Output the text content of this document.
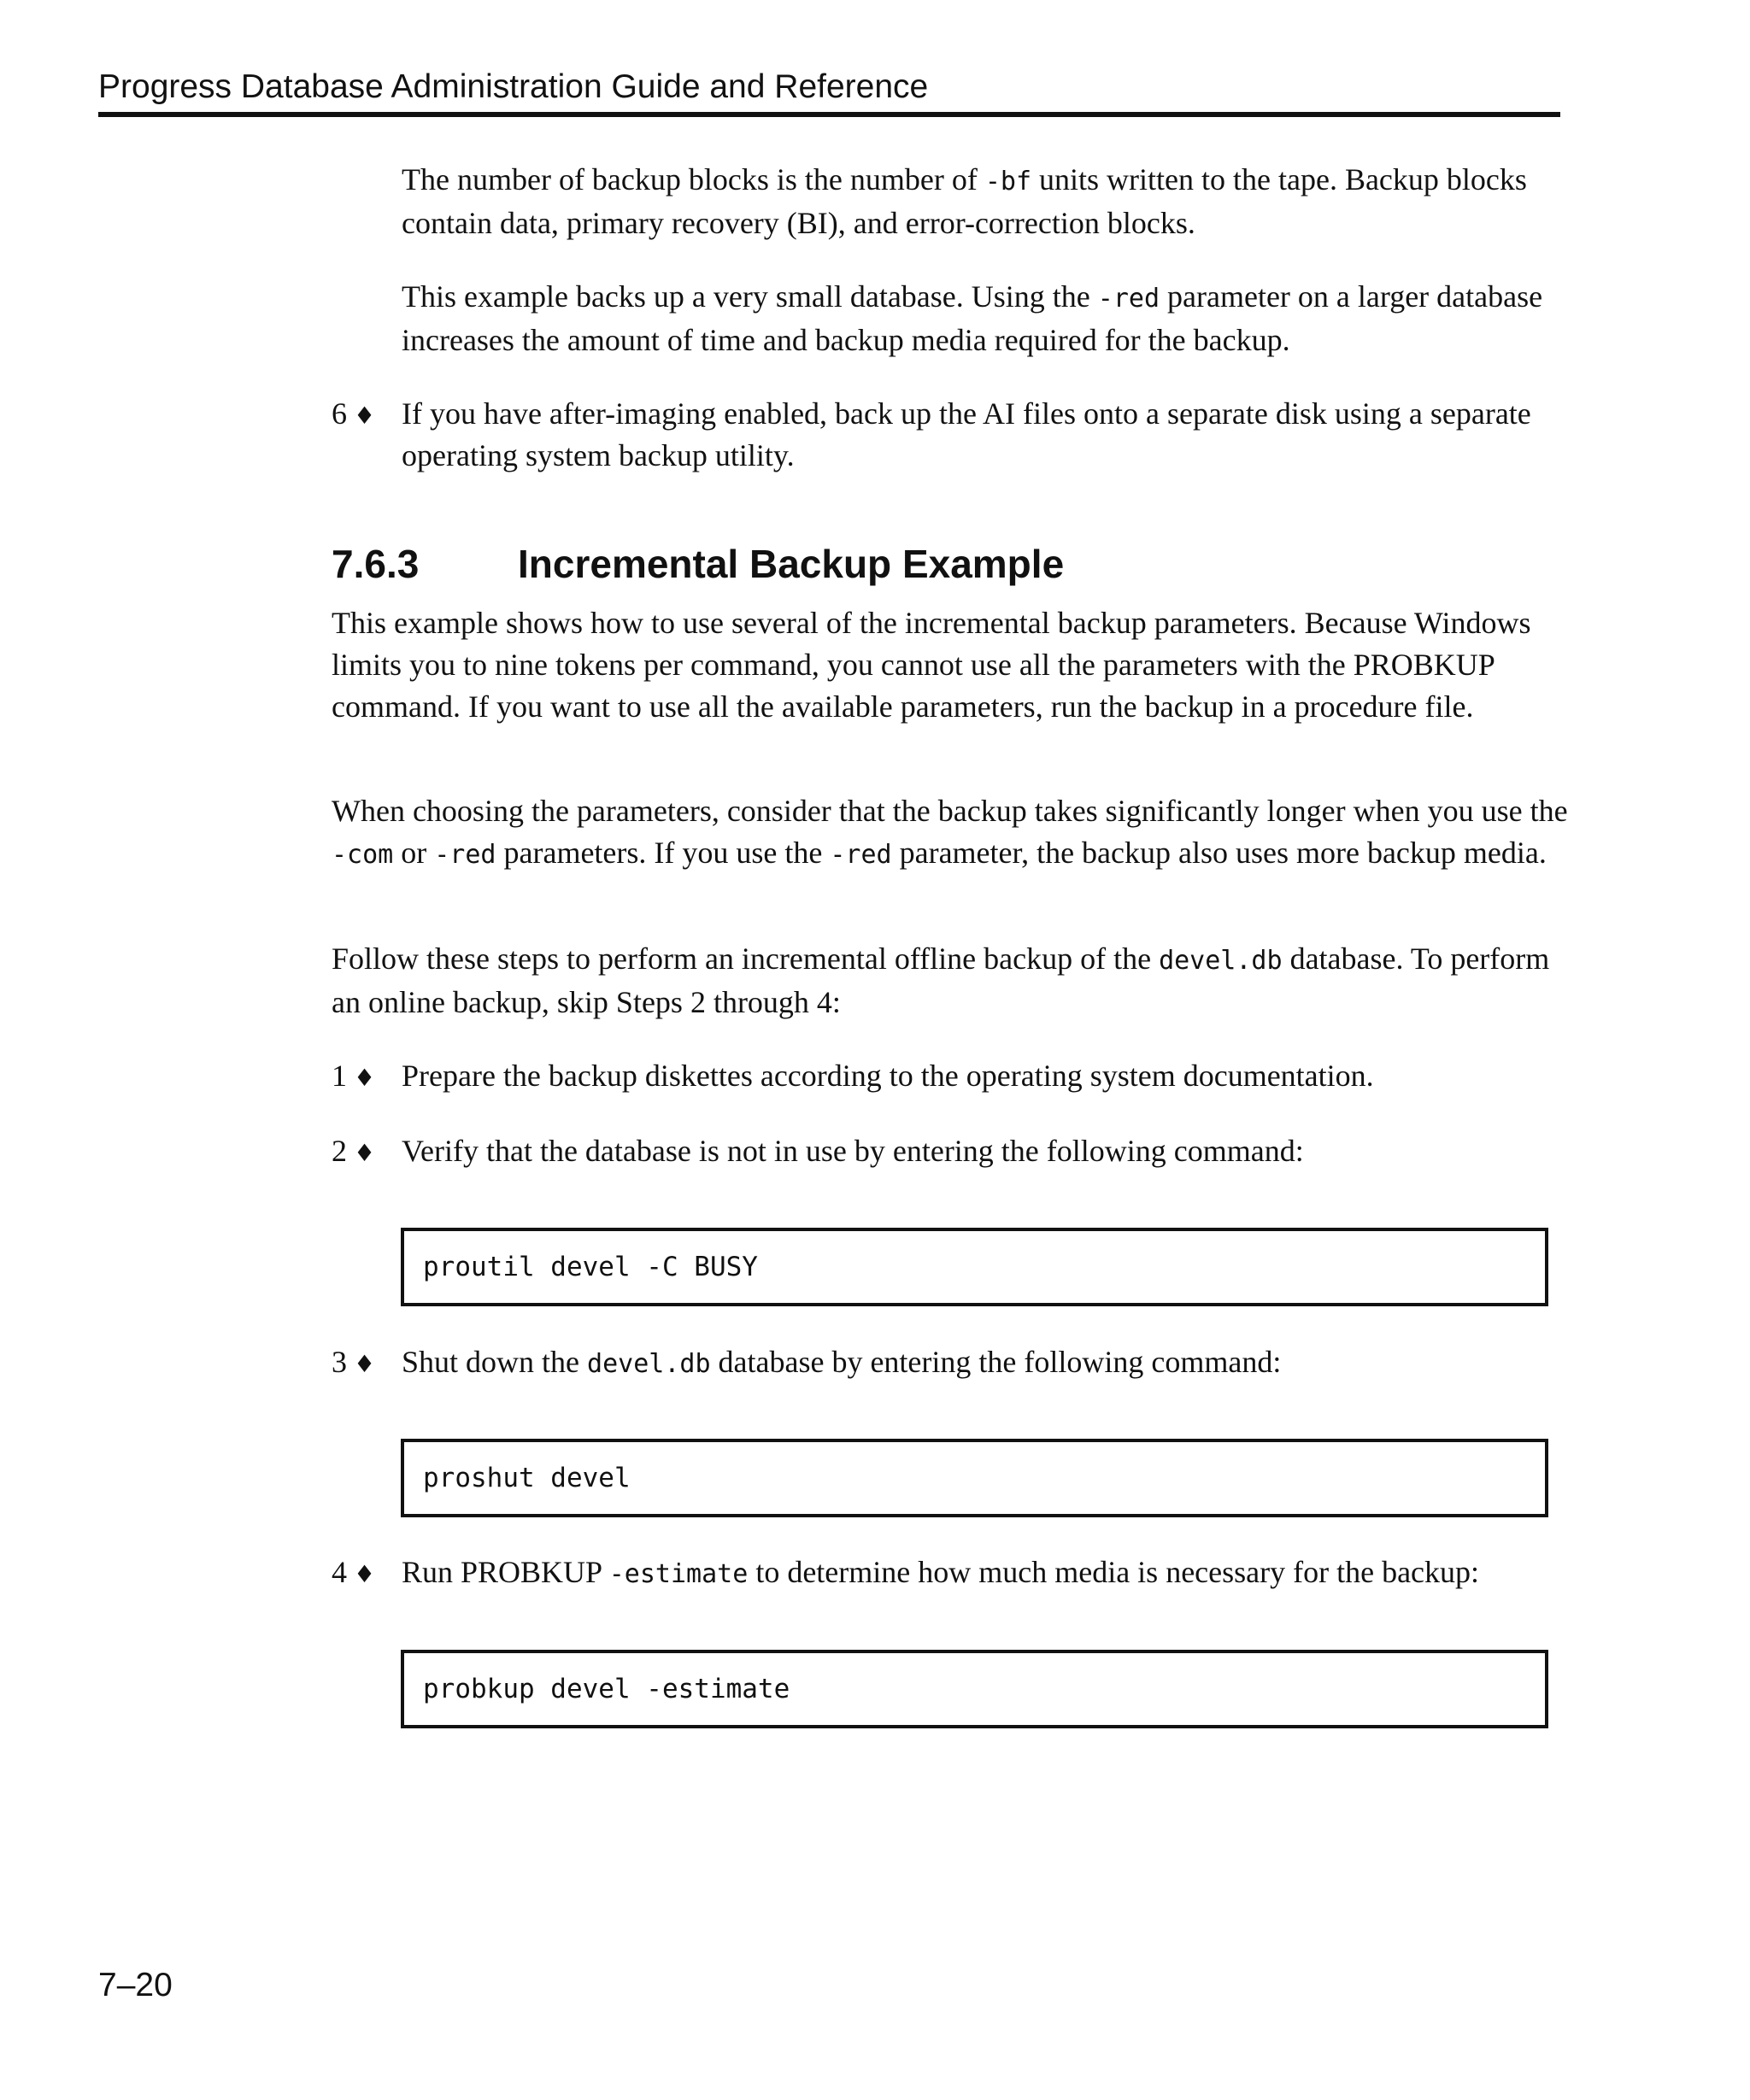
Progress Database Administration Guide and Reference

The number of backup blocks is the number of -bf units written to the tape. Backup blocks contain data, primary recovery (BI), and error-correction blocks.

This example backs up a very small database. Using the -red parameter on a larger database increases the amount of time and backup media required for the backup.

6 ♦ If you have after-imaging enabled, back up the AI files onto a separate disk using a separate operating system backup utility.

7.6.3	Incremental Backup Example

This example shows how to use several of the incremental backup parameters. Because Windows limits you to nine tokens per command, you cannot use all the parameters with the PROBKUP command. If you want to use all the available parameters, run the backup in a procedure file.

When choosing the parameters, consider that the backup takes significantly longer when you use the -com or -red parameters. If you use the -red parameter, the backup also uses more backup media.

Follow these steps to perform an incremental offline backup of the devel.db database. To perform an online backup, skip Steps 2 through 4:

1 ♦ Prepare the backup diskettes according to the operating system documentation.

2 ♦ Verify that the database is not in use by entering the following command:

proutil devel -C BUSY
3 ♦ Shut down the devel.db database by entering the following command:

proshut devel
4 ♦ Run PROBKUP -estimate to determine how much media is necessary for the backup:

probkup devel -estimate
7–20
